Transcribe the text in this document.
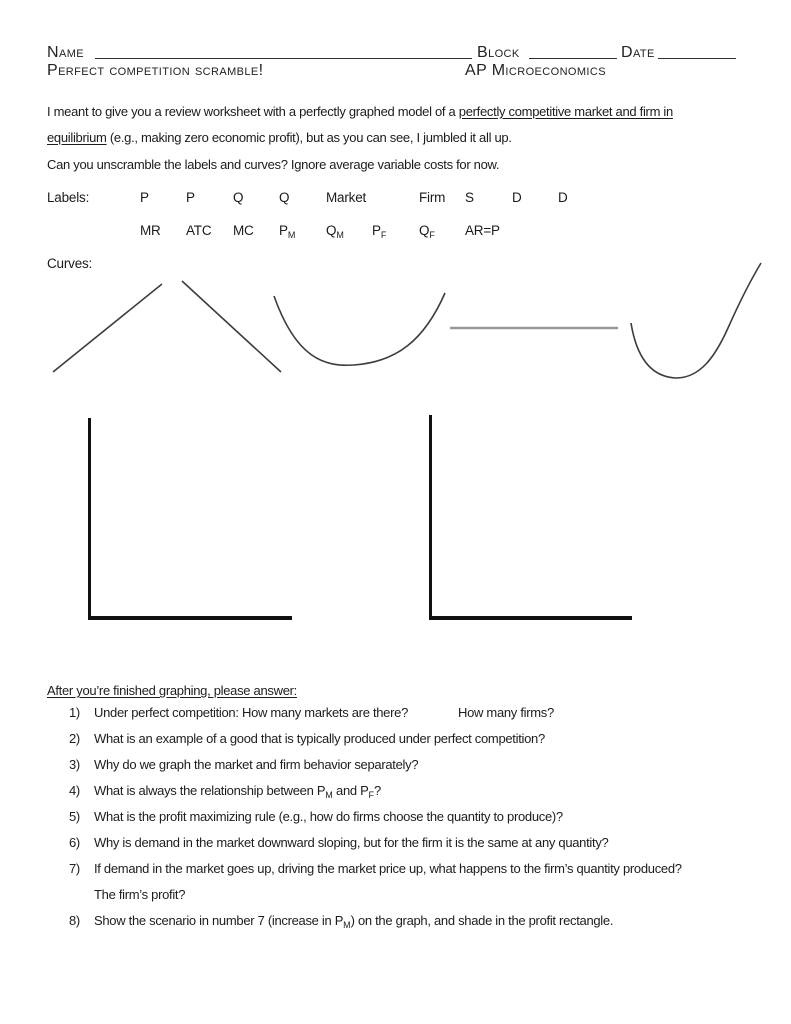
Name	Block	Date
Perfect competition scramble!	AP Microeconomics
I meant to give you a review worksheet with a perfectly graphed model of a perfectly competitive market and firm in
equilibrium (e.g., making zero economic profit), but as you can see, I jumbled it all up.
Can you unscramble the labels and curves? Ignore average variable costs for now.
Labels:	P	P	Q	Q	Market	Firm S	D	D
MR ATC MC $P_M$ $Q_M$ $P_F$ $Q_F$ AR=P
Curves:
After you’re finished graphing, please answer:
1) Under perfect competition: How many markets are there?	How many firms?
2) What is an example of a good that is typically produced under perfect competition?
3) Why do we graph the market and firm behavior separately?
4) What is always the relationship between $P_M$ and $P_F$?
5) What is the profit maximizing rule (e.g., how do firms choose the quantity to produce)?
6) Why is demand in the market downward sloping, but for the firm it is the same at any quantity?
7) If demand in the market goes up, driving the market price up, what happens to the firm’s quantity produced?
The firm’s profit?
8) Show the scenario in number 7 (increase in $P_M$) on the graph, and shade in the profit rectangle.
